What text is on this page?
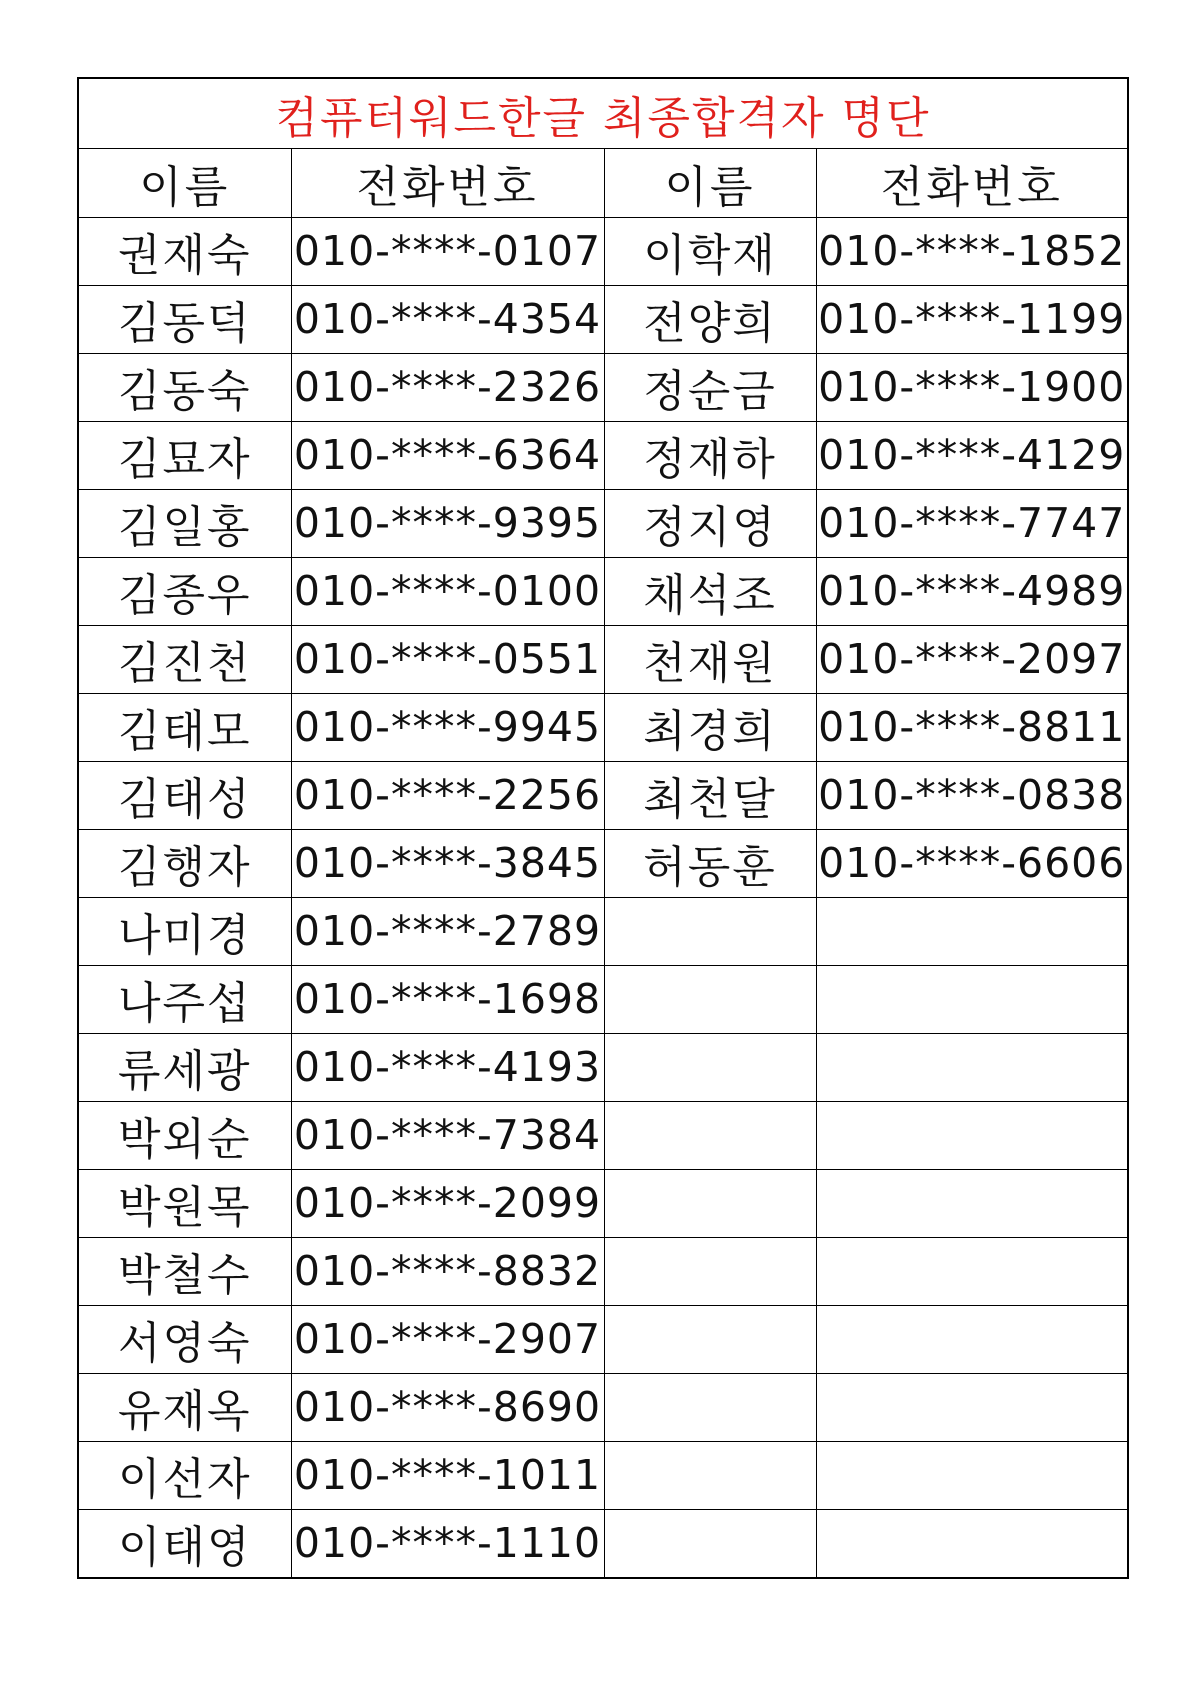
컴퓨터워드한글 최종합격자 명단
이름	전화번호	이름	전화번호
권재숙	010-****-0107	이학재	010-****-1852
김동덕	010-****-4354	전양희	010-****-1199
김동숙	010-****-2326	정순금	010-****-1900
김묘자	010-****-6364	정재하	010-****-4129
김일홍	010-****-9395	정지영	010-****-7747
김종우	010-****-0100	채석조	010-****-4989
김진천	010-****-0551	천재원	010-****-2097
김태모	010-****-9945	최경희	010-****-8811
김태성	010-****-2256	최천달	010-****-0838
김행자	010-****-3845	허동훈	010-****-6606
나미경	010-****-2789		
나주섭	010-****-1698		
류세광	010-****-4193		
박외순	010-****-7384		
박원목	010-****-2099		
박철수	010-****-8832		
서영숙	010-****-2907		
유재옥	010-****-8690		
이선자	010-****-1011		
이태영	010-****-1110		
